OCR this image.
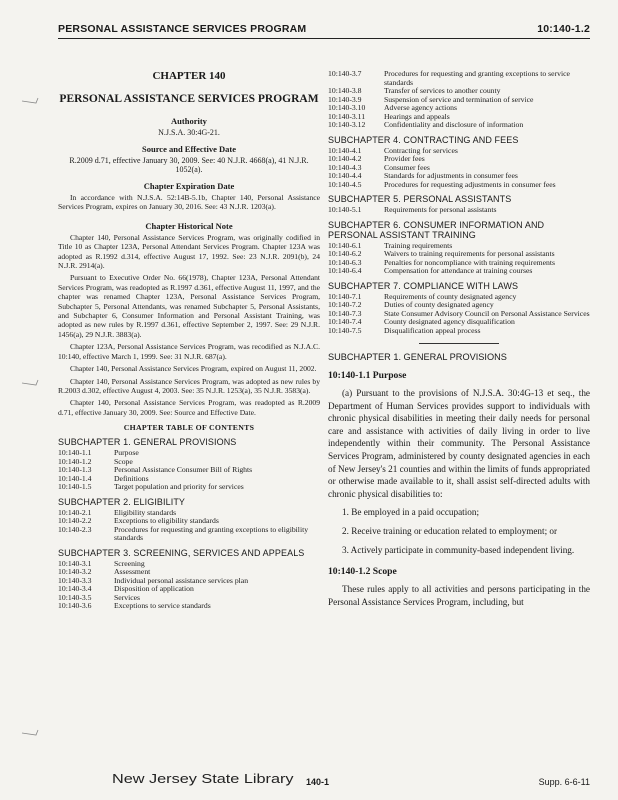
PERSONAL ASSISTANCE SERVICES PROGRAM	10:140-1.2
CHAPTER 140
PERSONAL ASSISTANCE SERVICES PROGRAM
Authority
N.J.S.A. 30:4G-21.
Source and Effective Date
R.2009 d.71, effective January 30, 2009. See: 40 N.J.R. 4668(a), 41 N.J.R. 1052(a).
Chapter Expiration Date
In accordance with N.J.S.A. 52:14B-5.1b, Chapter 140, Personal Assistance Services Program, expires on January 30, 2016. See: 43 N.J.R. 1203(a).
Chapter Historical Note
Chapter 140, Personal Assistance Services Program, was originally codified in Title 10 as Chapter 123A, Personal Attendant Services Program. Chapter 123A was adopted as R.1992 d.314, effective August 17, 1992. See: 23 N.J.R. 2091(b), 24 N.J.R. 2914(a).
Pursuant to Executive Order No. 66(1978), Chapter 123A, Personal Attendant Services Program, was readopted as R.1997 d.361, effective August 11, 1997, and the chapter was renamed Chapter 123A, Personal Assistance Services Program, Subchapter 5, Personal Attendants, was renamed Subchapter 5, Personal Assistants, and Subchapter 6, Consumer Information and Personal Assistant Training, was adopted as new rules by R.1997 d.361, effective September 2, 1997. See: 29 N.J.R. 1456(a), 29 N.J.R. 3883(a).
Chapter 123A, Personal Assistance Services Program, was recodified as N.J.A.C. 10:140, effective March 1, 1999. See: 31 N.J.R. 687(a).
Chapter 140, Personal Assistance Services Program, expired on August 11, 2002.
Chapter 140, Personal Assistance Services Program, was adopted as new rules by R.2003 d.302, effective August 4, 2003. See: 35 N.J.R. 1253(a), 35 N.J.R. 3583(a).
Chapter 140, Personal Assistance Services Program, was readopted as R.2009 d.71, effective January 30, 2009. See: Source and Effective Date.
CHAPTER TABLE OF CONTENTS
SUBCHAPTER 1. GENERAL PROVISIONS
10:140-1.1	Purpose
10:140-1.2	Scope
10:140-1.3	Personal Assistance Consumer Bill of Rights
10:140-1.4	Definitions
10:140-1.5	Target population and priority for services
SUBCHAPTER 2. ELIGIBILITY
10:140-2.1	Eligibility standards
10:140-2.2	Exceptions to eligibility standards
10:140-2.3	Procedures for requesting and granting exceptions to eligibility standards
SUBCHAPTER 3. SCREENING, SERVICES AND APPEALS
10:140-3.1	Screening
10:140-3.2	Assessment
10:140-3.3	Individual personal assistance services plan
10:140-3.4	Disposition of application
10:140-3.5	Services
10:140-3.6	Exceptions to service standards
10:140-3.7	Procedures for requesting and granting exceptions to service standards
10:140-3.8	Transfer of services to another county
10:140-3.9	Suspension of service and termination of service
10:140-3.10	Adverse agency actions
10:140-3.11	Hearings and appeals
10:140-3.12	Confidentiality and disclosure of information
SUBCHAPTER 4. CONTRACTING AND FEES
10:140-4.1	Contracting for services
10:140-4.2	Provider fees
10:140-4.3	Consumer fees
10:140-4.4	Standards for adjustments in consumer fees
10:140-4.5	Procedures for requesting adjustments in consumer fees
SUBCHAPTER 5. PERSONAL ASSISTANTS
10:140-5.1	Requirements for personal assistants
SUBCHAPTER 6. CONSUMER INFORMATION AND PERSONAL ASSISTANT TRAINING
10:140-6.1	Training requirements
10:140-6.2	Waivers to training requirements for personal assistants
10:140-6.3	Penalties for noncompliance with training requirements
10:140-6.4	Compensation for attendance at training courses
SUBCHAPTER 7. COMPLIANCE WITH LAWS
10:140-7.1	Requirements of county designated agency
10:140-7.2	Duties of county designated agency
10:140-7.3	State Consumer Advisory Council on Personal Assistance Services
10:140-7.4	County designated agency disqualification
10:140-7.5	Disqualification appeal process
SUBCHAPTER 1. GENERAL PROVISIONS
10:140-1.1 Purpose
(a) Pursuant to the provisions of N.J.S.A. 30:4G-13 et seq., the Department of Human Services provides support to individuals with chronic physical disabilities in meeting their daily needs for personal care and assistance with activities of daily living in order to live independently within their community. The Personal Assistance Services Program, administered by county designated agencies in each of New Jersey's 21 counties and within the limits of funds appropriated or otherwise made available to it, shall assist self-directed adults with chronic physical disabilities to:
1. Be employed in a paid occupation;
2. Receive training or education related to employment; or
3. Actively participate in community-based independent living.
10:140-1.2 Scope
These rules apply to all activities and persons participating in the Personal Assistance Services Program, including, but
New Jersey State Library 140-1	Supp. 6-6-11
